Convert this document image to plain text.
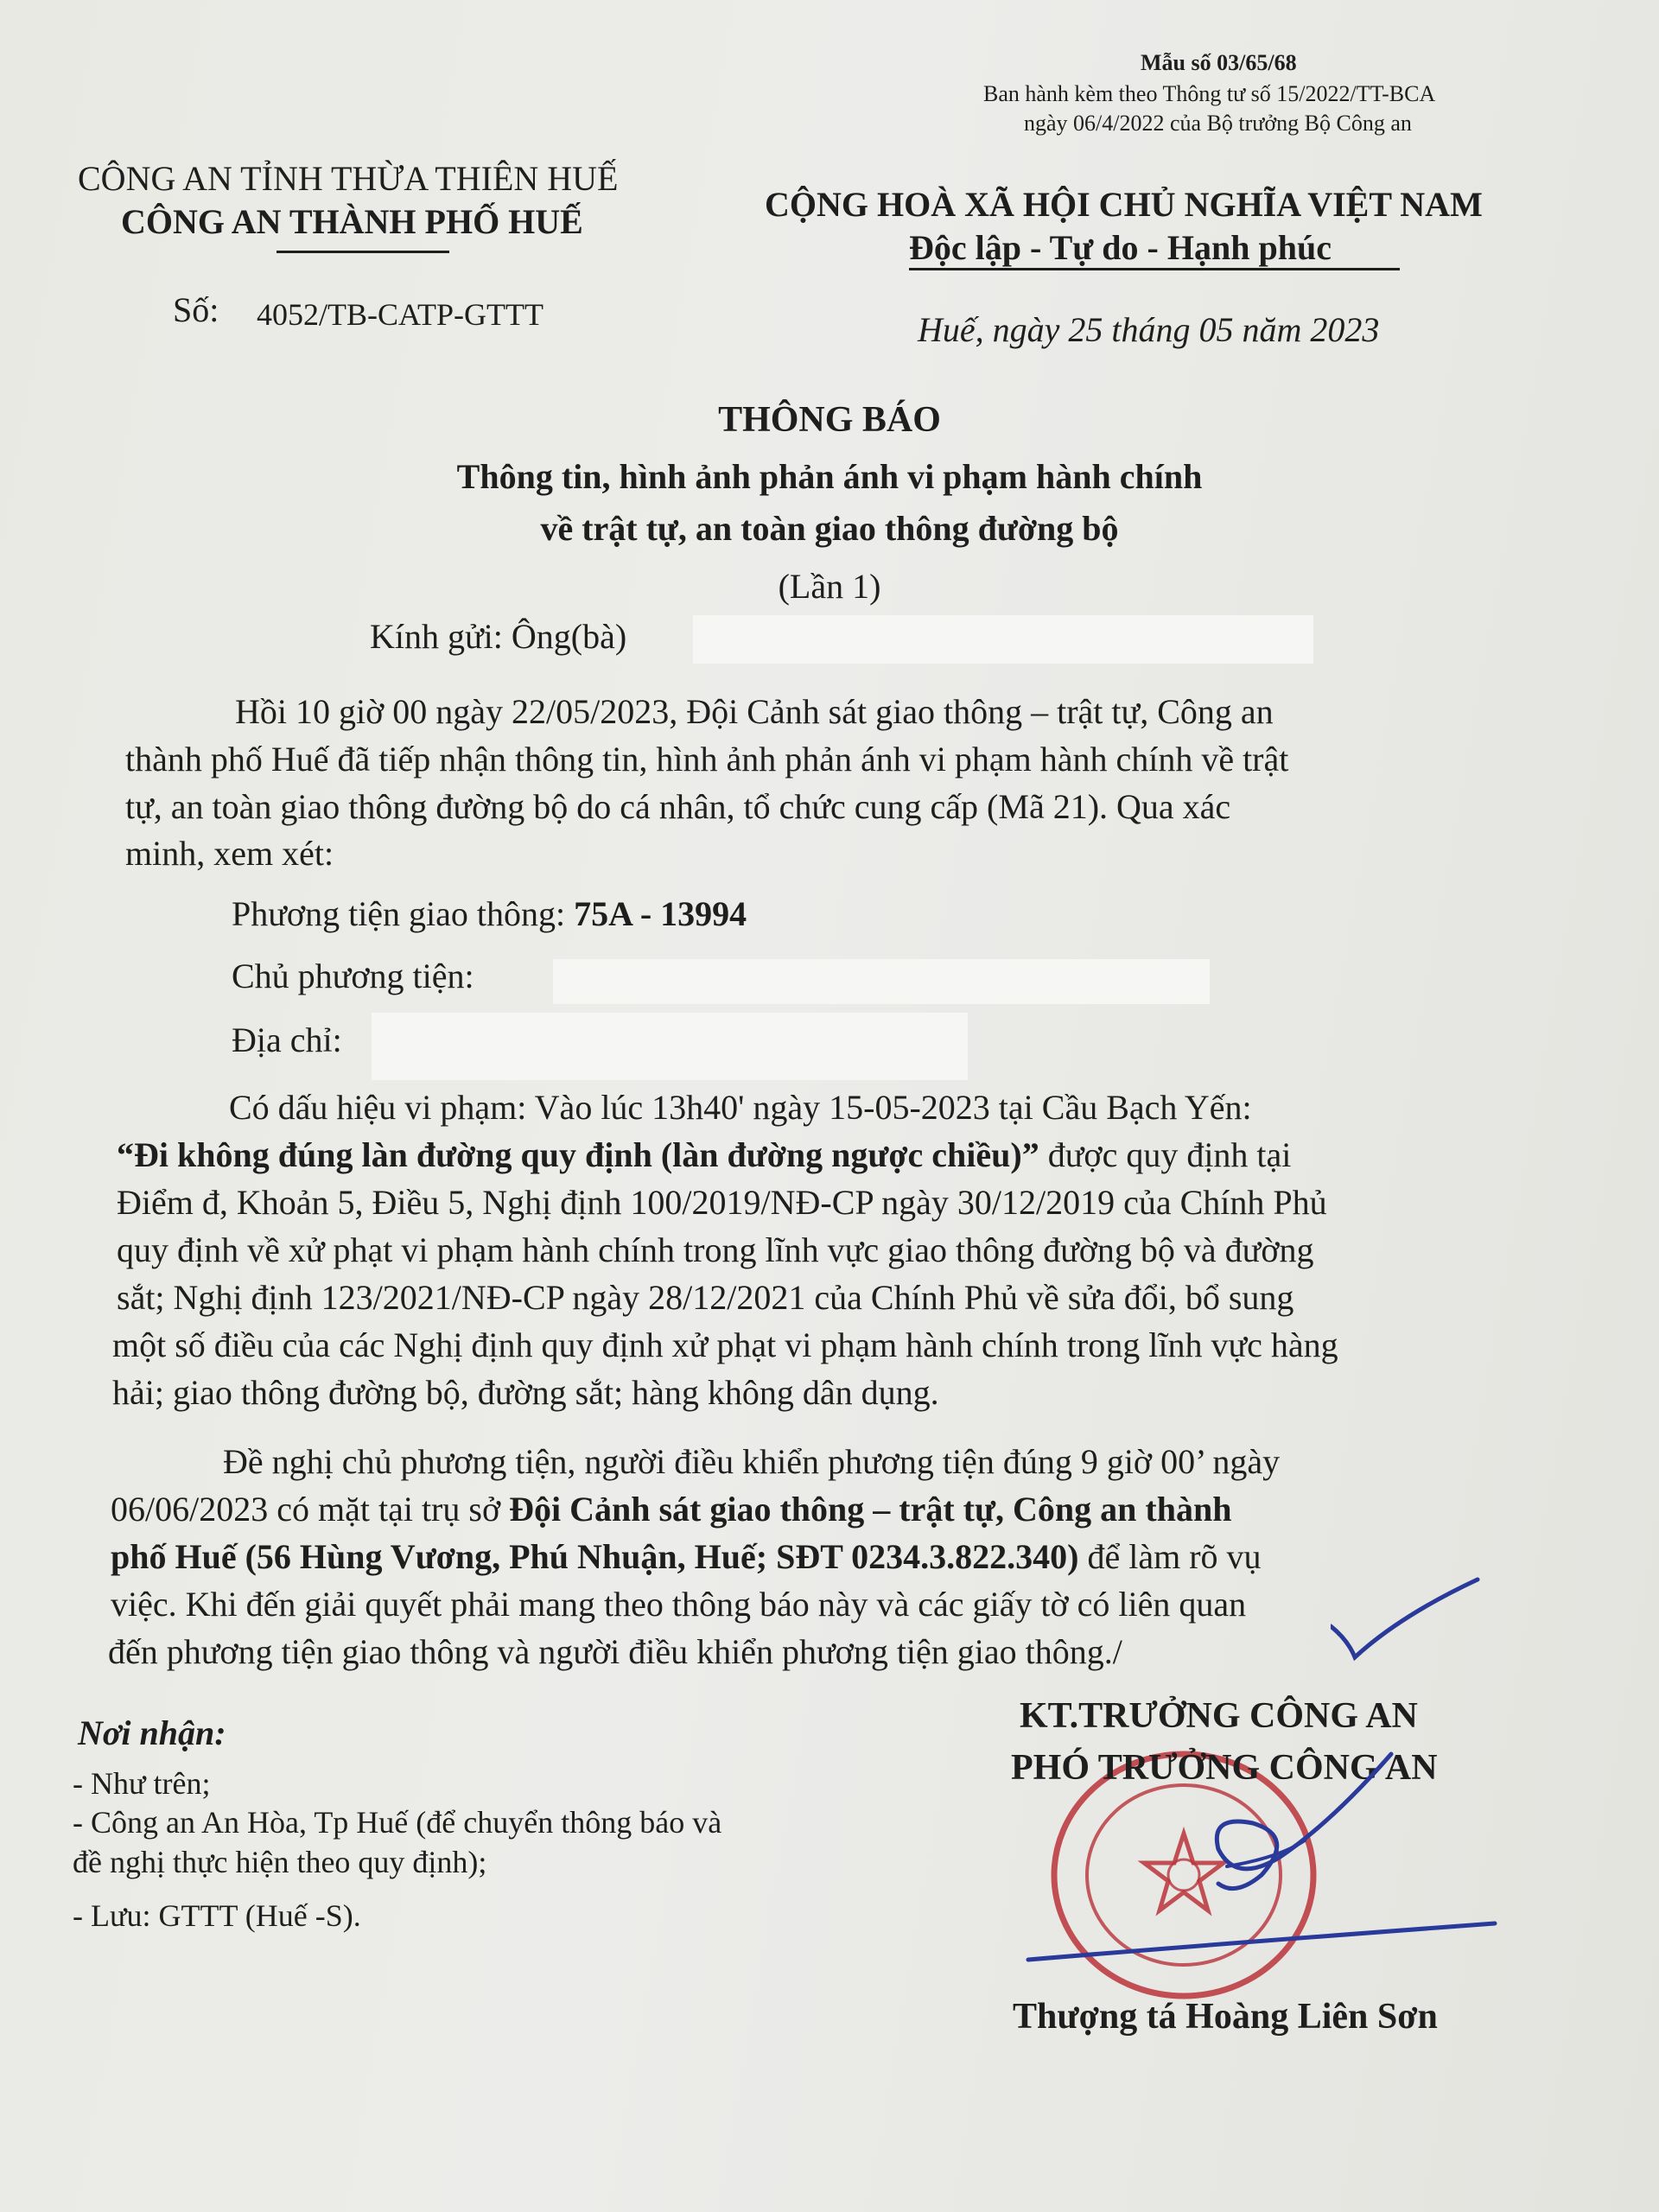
Mẫu số 03/65/68
Ban hành kèm theo Thông tư số 15/2022/TT-BCA
ngày 06/4/2022 của Bộ trưởng Bộ Công an
CÔNG AN TỈNH THỪA THIÊN HUẾ
CÔNG AN THÀNH PHỐ HUẾ
Số: 4052/TB-CATP-GTTT
CỘNG HOÀ XÃ HỘI CHỦ NGHĨA VIỆT NAM
Độc lập - Tự do - Hạnh phúc
Huế, ngày 25 tháng 05 năm 2023
THÔNG BÁO
Thông tin, hình ảnh phản ánh vi phạm hành chính
về trật tự, an toàn giao thông đường bộ
(Lần 1)
Kính gửi: Ông(bà)
Hồi 10 giờ 00 ngày 22/05/2023, Đội Cảnh sát giao thông – trật tự, Công an
thành phố Huế đã tiếp nhận thông tin, hình ảnh phản ánh vi phạm hành chính về trật
tự, an toàn giao thông đường bộ do cá nhân, tổ chức cung cấp (Mã 21). Qua xác
minh, xem xét:
Phương tiện giao thông: 75A - 13994
Chủ phương tiện:
Địa chỉ:
Có dấu hiệu vi phạm: Vào lúc 13h40' ngày 15-05-2023 tại Cầu Bạch Yến:
“Đi không đúng làn đường quy định (làn đường ngược chiều)” được quy định tại
Điểm đ, Khoản 5, Điều 5, Nghị định 100/2019/NĐ-CP ngày 30/12/2019 của Chính Phủ
quy định về xử phạt vi phạm hành chính trong lĩnh vực giao thông đường bộ và đường
sắt; Nghị định 123/2021/NĐ-CP ngày 28/12/2021 của Chính Phủ về sửa đổi, bổ sung
một số điều của các Nghị định quy định xử phạt vi phạm hành chính trong lĩnh vực hàng
hải; giao thông đường bộ, đường sắt; hàng không dân dụng.
Đề nghị chủ phương tiện, người điều khiển phương tiện đúng 9 giờ 00’ ngày
06/06/2023 có mặt tại trụ sở Đội Cảnh sát giao thông – trật tự, Công an thành
phố Huế (56 Hùng Vương, Phú Nhuận, Huế; SĐT 0234.3.822.340) để làm rõ vụ
việc. Khi đến giải quyết phải mang theo thông báo này và các giấy tờ có liên quan
đến phương tiện giao thông và người điều khiển phương tiện giao thông./
Nơi nhận:
- Như trên;
- Công an An Hòa, Tp Huế (để chuyển thông báo và
đề nghị thực hiện theo quy định);
- Lưu: GTTT (Huế -S).
KT.TRƯỞNG CÔNG AN
PHÓ TRƯỞNG CÔNG AN
Thượng tá Hoàng Liên Sơn
